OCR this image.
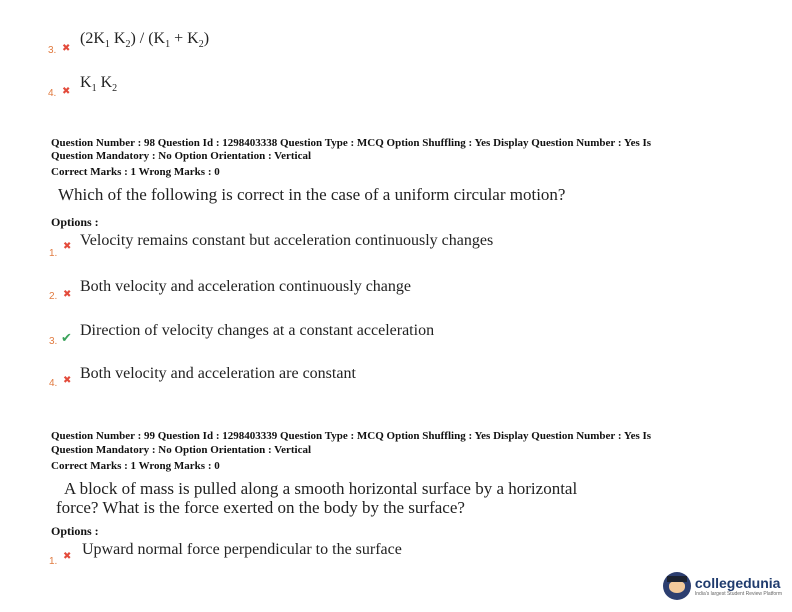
3. ✖
($2K_1$ $K_2) / (K_1 + K_2)$
4. ✖
$K_1$ $K_2$
Question Number : 98 Question Id : 1298403338 Question Type : MCQ Option Shuffling : Yes Display Question Number : Yes Is
Question Mandatory : No Option Orientation : Vertical
Correct Marks : 1 Wrong Marks : 0
Which of the following is correct in the case of a uniform circular motion?
Options :
1.
✖ Velocity remains constant but acceleration continuously changes
2. ✖ Both velocity and acceleration continuously change
3. ✔ Direction of velocity changes at a constant acceleration
4. ✖ Both velocity and acceleration are constant
Question Number : 99 Question Id : 1298403339 Question Type : MCQ Option Shuffling : Yes Display Question Number : Yes Is
Question Mandatory : No Option Orientation : Vertical
Correct Marks : 1 Wrong Marks : 0
A block of mass is pulled along a smooth horizontal surface by a horizontal
force? What is the force exerted on the body by the surface?
Options :
1. ✖ Upward normal force perpendicular to the surface
collegedunia
India's largest Student Review Platform
